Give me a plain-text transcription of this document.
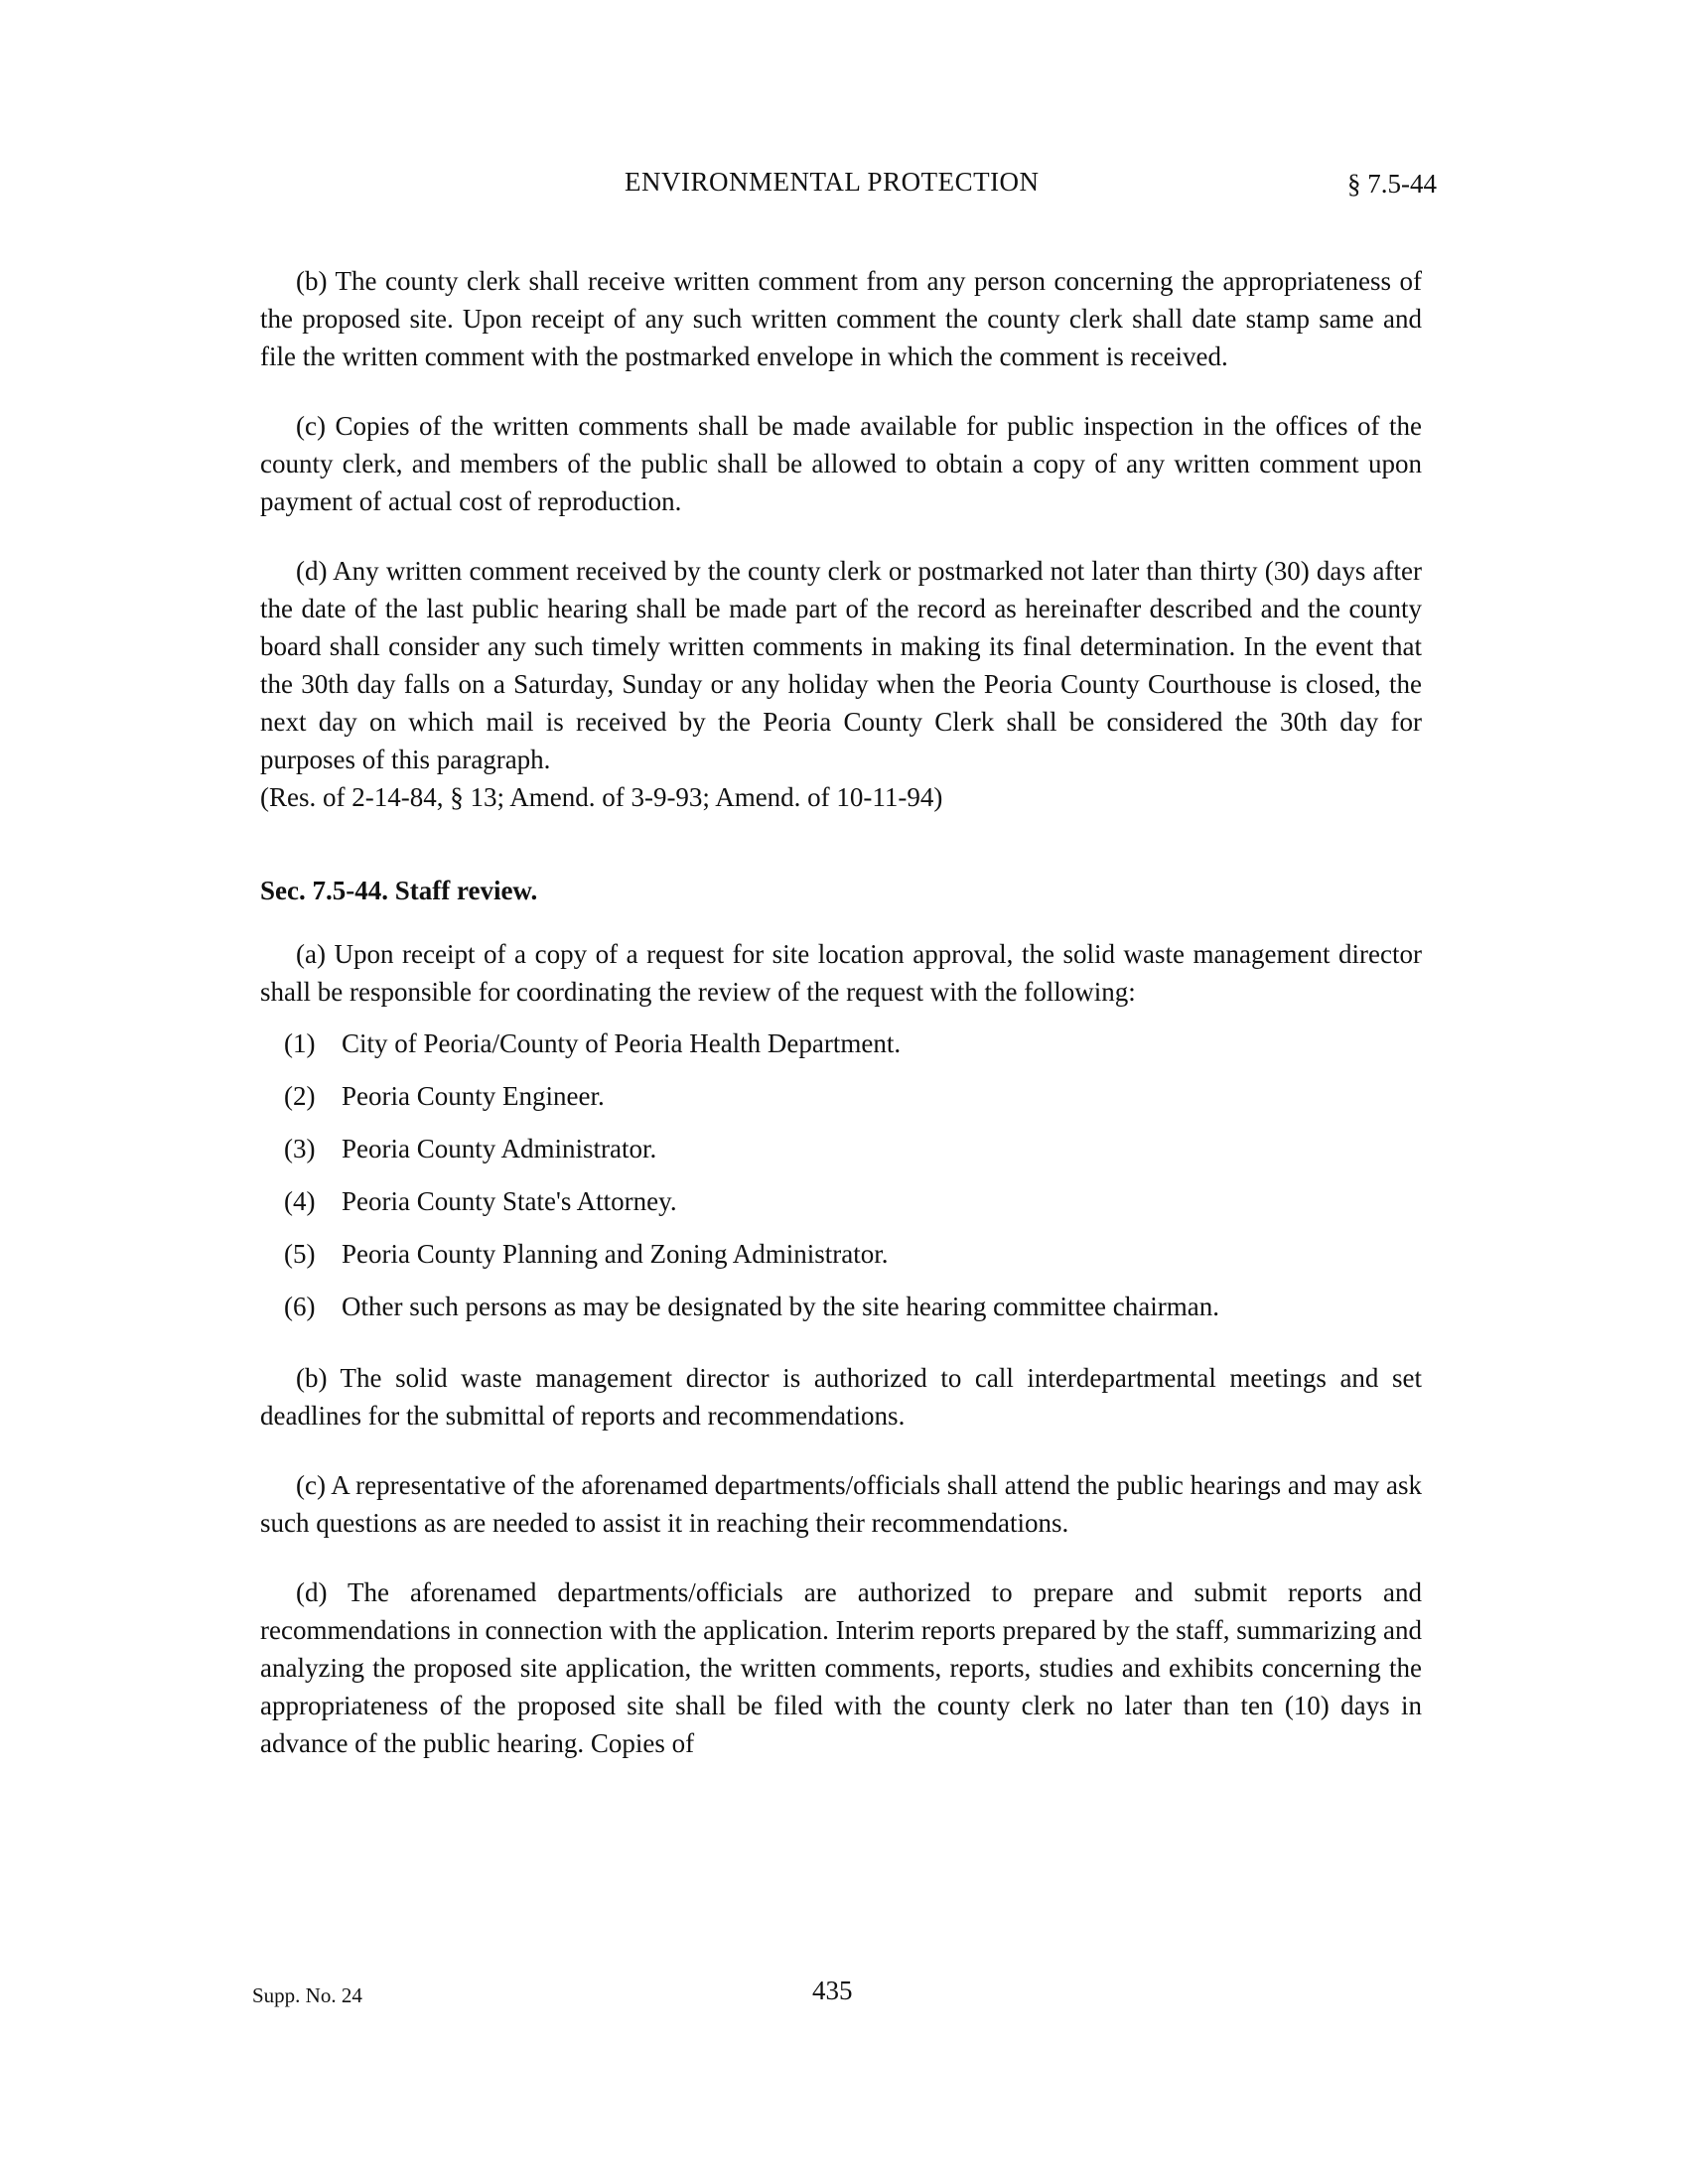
ENVIRONMENTAL PROTECTION	§ 7.5-44

(b) The county clerk shall receive written comment from any person concerning the appropriateness of the proposed site. Upon receipt of any such written comment the county clerk shall date stamp same and file the written comment with the postmarked envelope in which the comment is received.

(c) Copies of the written comments shall be made available for public inspection in the offices of the county clerk, and members of the public shall be allowed to obtain a copy of any written comment upon payment of actual cost of reproduction.

(d) Any written comment received by the county clerk or postmarked not later than thirty (30) days after the date of the last public hearing shall be made part of the record as hereinafter described and the county board shall consider any such timely written comments in making its final determination. In the event that the 30th day falls on a Saturday, Sunday or any holiday when the Peoria County Courthouse is closed, the next day on which mail is received by the Peoria County Clerk shall be considered the 30th day for purposes of this paragraph.

(Res. of 2-14-84, § 13; Amend. of 3-9-93; Amend. of 10-11-94)

Sec. 7.5-44. Staff review.

(a) Upon receipt of a copy of a request for site location approval, the solid waste management director shall be responsible for coordinating the review of the request with the following:

(1) City of Peoria/County of Peoria Health Department.
(2) Peoria County Engineer.
(3) Peoria County Administrator.
(4) Peoria County State's Attorney.
(5) Peoria County Planning and Zoning Administrator.
(6) Other such persons as may be designated by the site hearing committee chairman.

(b) The solid waste management director is authorized to call interdepartmental meetings and set deadlines for the submittal of reports and recommendations.

(c) A representative of the aforenamed departments/officials shall attend the public hearings and may ask such questions as are needed to assist it in reaching their recommendations.

(d) The aforenamed departments/officials are authorized to prepare and submit reports and recommendations in connection with the application. Interim reports prepared by the staff, summarizing and analyzing the proposed site application, the written comments, reports, studies and exhibits concerning the appropriateness of the proposed site shall be filed with the county clerk no later than ten (10) days in advance of the public hearing. Copies of

Supp. No. 24	435
